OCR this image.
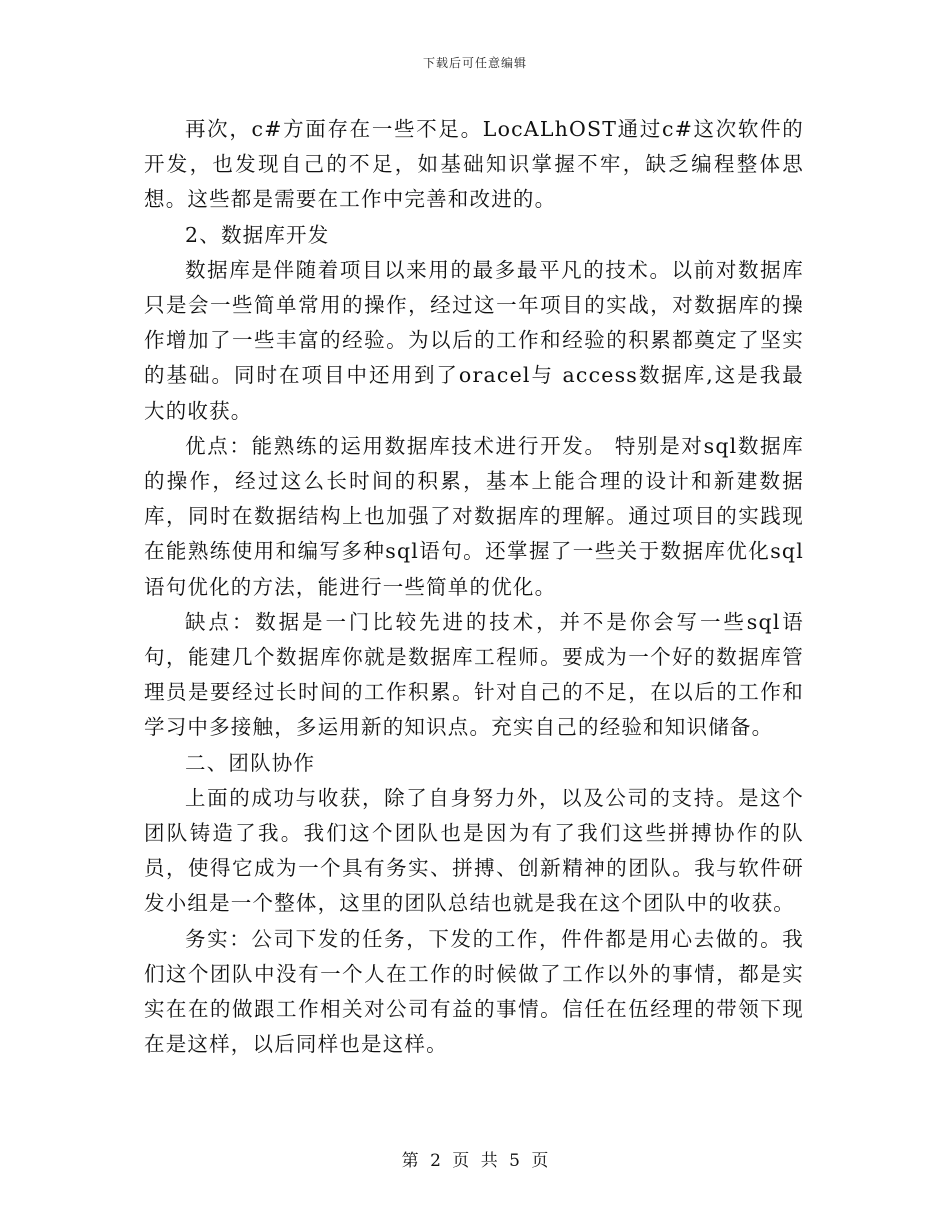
下载后可任意编辑

再次，c#方面存在一些不足。LocALhOST通过c#这次软件的开发，也发现自己的不足，如基础知识掌握不牢，缺乏编程整体思想。这些都是需要在工作中完善和改进的。

2、数据库开发

数据库是伴随着项目以来用的最多最平凡的技术。以前对数据库只是会一些简单常用的操作，经过这一年项目的实战，对数据库的操作增加了一些丰富的经验。为以后的工作和经验的积累都奠定了坚实的基础。同时在项目中还用到了oracel与 access数据库,这是我最大的收获。

优点：能熟练的运用数据库技术进行开发。 特别是对sql数据库的操作，经过这么长时间的积累，基本上能合理的设计和新建数据库，同时在数据结构上也加强了对数据库的理解。通过项目的实践现在能熟练使用和编写多种sql语句。还掌握了一些关于数据库优化sql语句优化的方法，能进行一些简单的优化。

缺点：数据是一门比较先进的技术，并不是你会写一些sql语句，能建几个数据库你就是数据库工程师。要成为一个好的数据库管理员是要经过长时间的工作积累。针对自己的不足，在以后的工作和学习中多接触，多运用新的知识点。充实自己的经验和知识储备。

二、团队协作

上面的成功与收获，除了自身努力外，以及公司的支持。是这个团队铸造了我。我们这个团队也是因为有了我们这些拼搏协作的队员，使得它成为一个具有务实、拼搏、创新精神的团队。我与软件研发小组是一个整体，这里的团队总结也就是我在这个团队中的收获。

务实：公司下发的任务，下发的工作，件件都是用心去做的。我们这个团队中没有一个人在工作的时候做了工作以外的事情，都是实实在在的做跟工作相关对公司有益的事情。信任在伍经理的带领下现在是这样，以后同样也是这样。

第 2 页 共 5 页
